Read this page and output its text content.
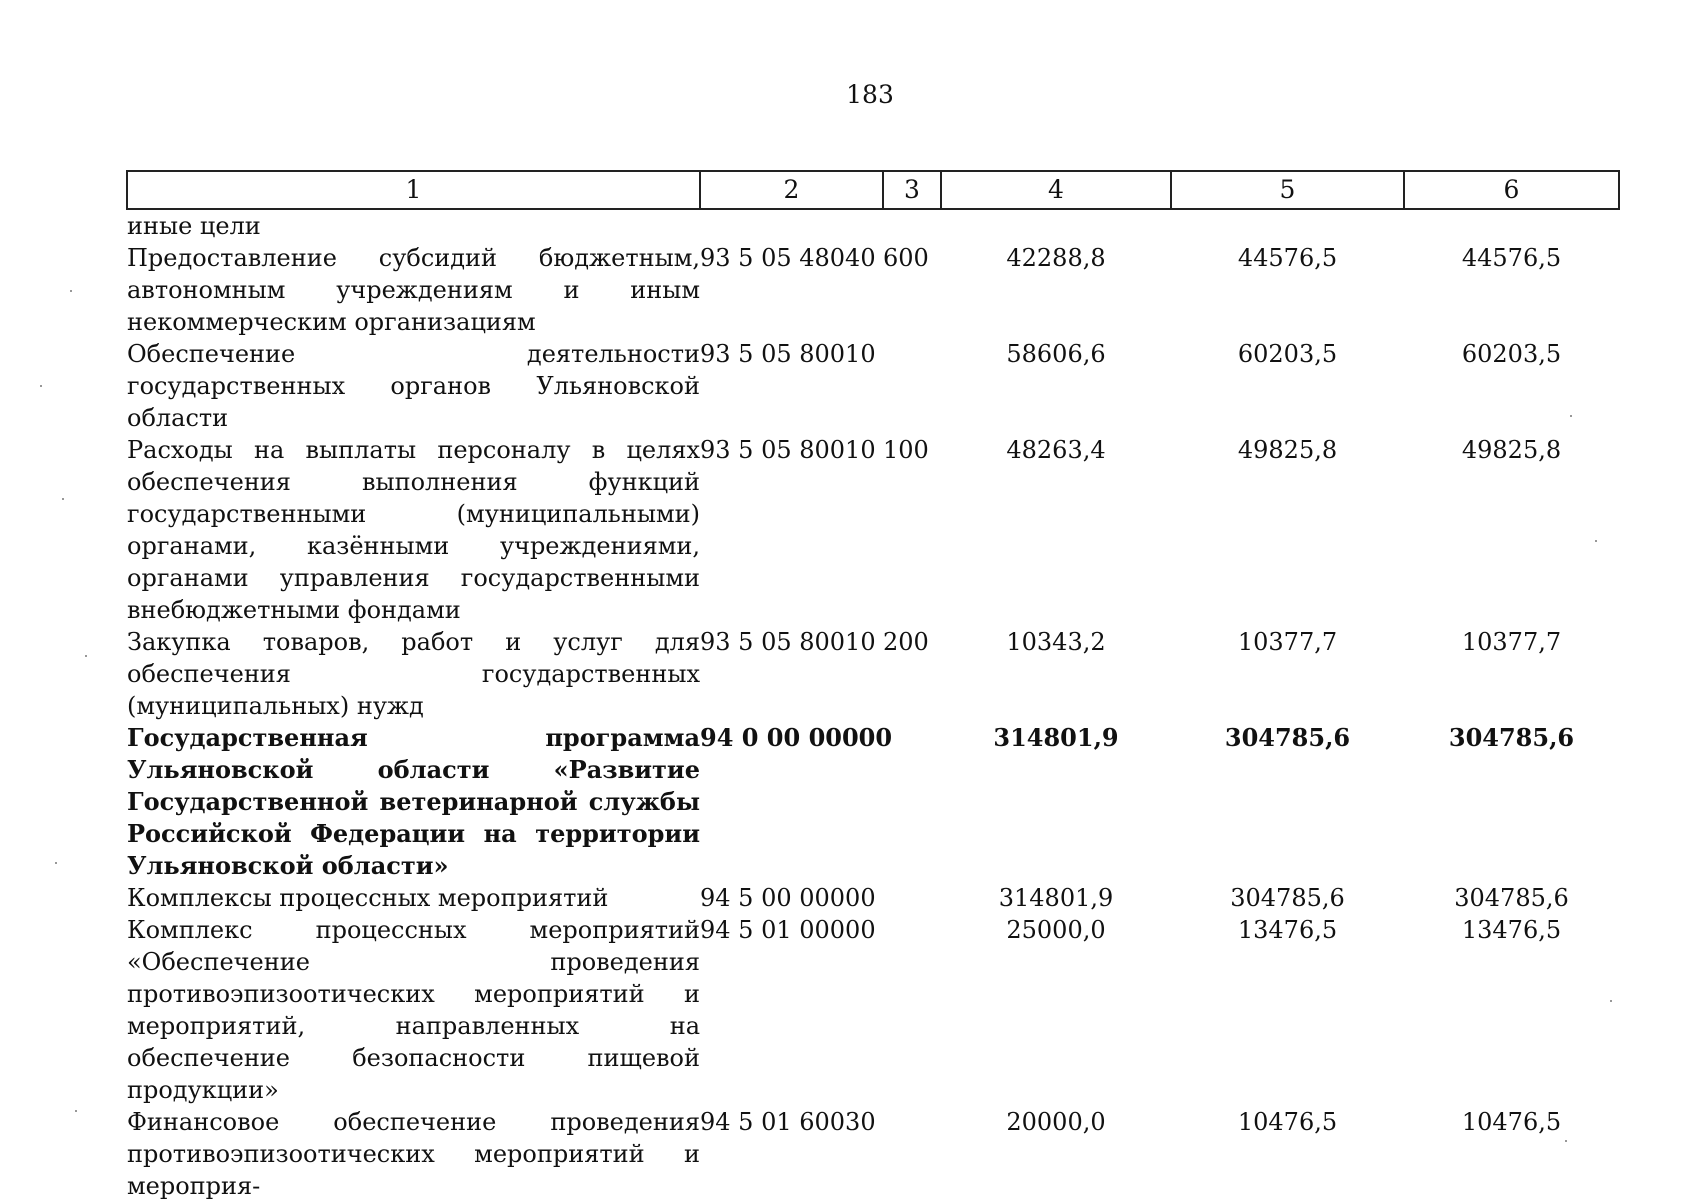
183
1	2	3	4	5	6
иные цели					
Предоставление субсидий бюджетным, автономным учреждениям и иным некоммерческим организациям	93 5 05 48040	600	42288,8	44576,5	44576,5
Обеспечение деятельности государственных органов Ульяновской области	93 5 05 80010		58606,6	60203,5	60203,5
Расходы на выплаты персоналу в целях обеспечения выполнения функций государственными (муниципальными) органами, казёнными учреждениями, органами управления государственными внебюджетными фондами	93 5 05 80010	100	48263,4	49825,8	49825,8
Закупка товаров, работ и услуг для обеспечения государственных (муниципальных) нужд	93 5 05 80010	200	10343,2	10377,7	10377,7
Государственная программа Ульяновской области «Развитие Государственной ветеринарной службы Российской Федерации на территории Ульяновской области»	94 0 00 00000		314801,9	304785,6	304785,6
Комплексы процессных мероприятий	94 5 00 00000		314801,9	304785,6	304785,6
Комплекс процессных мероприятий «Обеспечение проведения противоэпизоотических мероприятий и мероприятий, направленных на обеспечение безопасности пищевой продукции»	94 5 01 00000		25000,0	13476,5	13476,5
Финансовое обеспечение проведения противоэпизоотических мероприятий и мероприя-	94 5 01 60030		20000,0	10476,5	10476,5
